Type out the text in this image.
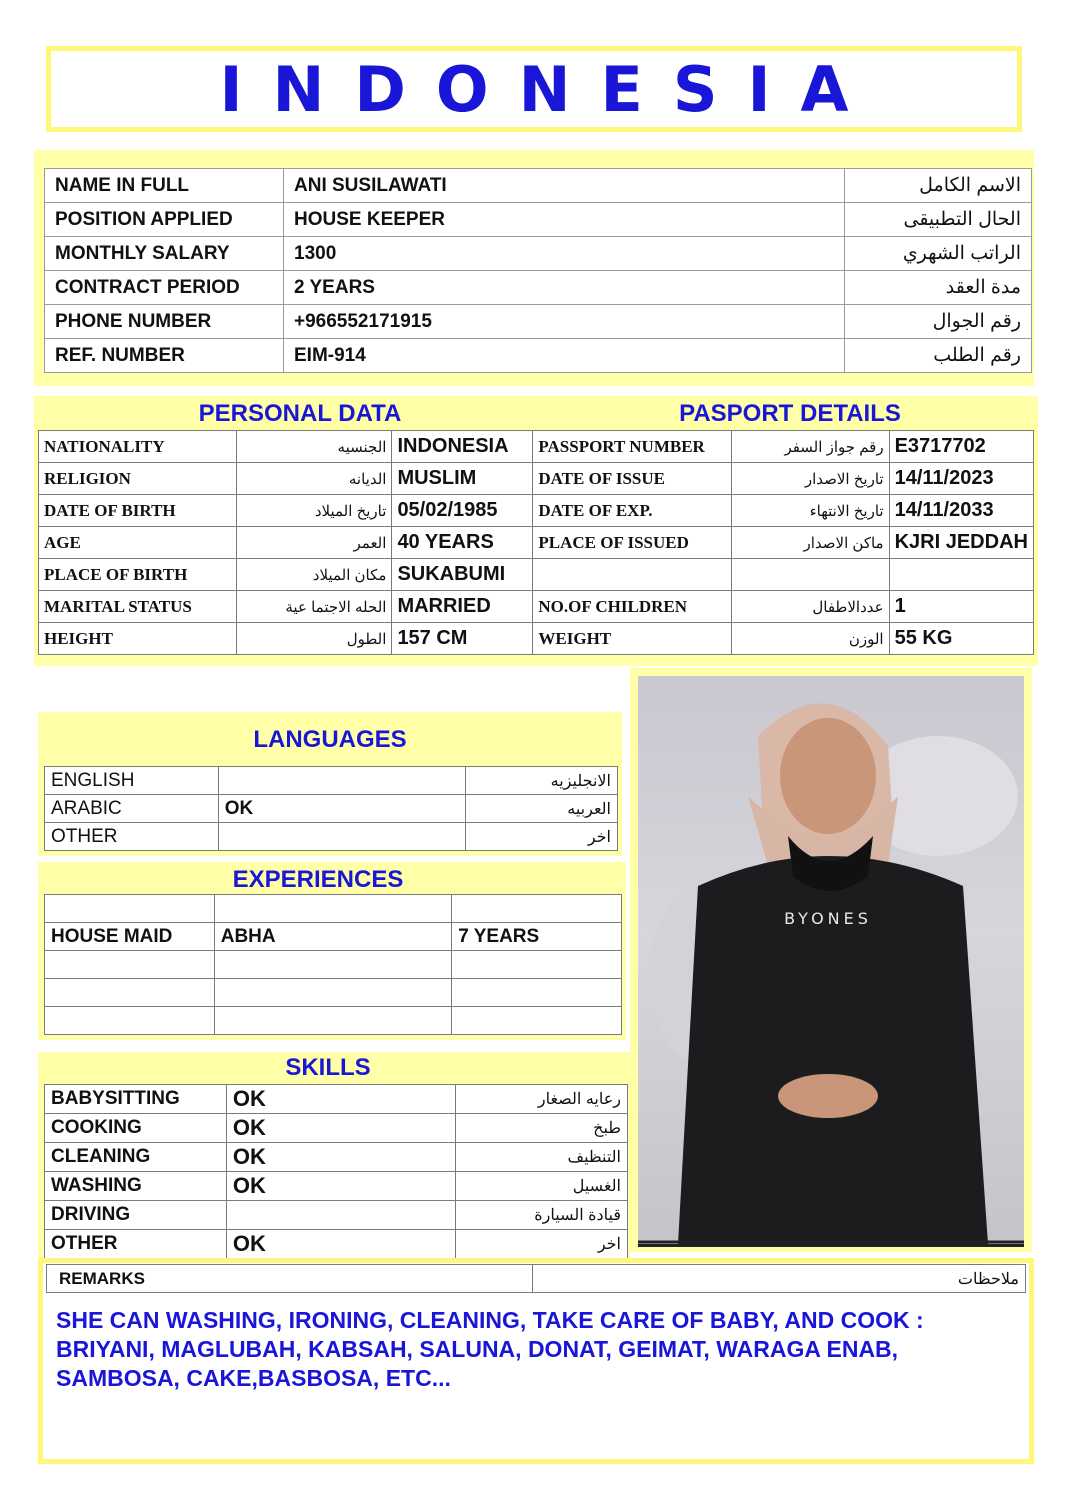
INDONESIA
NAME IN FULL	ANI SUSILAWATI	الاسم الكامل
POSITION APPLIED	HOUSE KEEPER	الحال التطبيقى
MONTHLY SALARY	1300	الراتب الشهري
CONTRACT PERIOD	2 YEARS	مدة العقد
PHONE NUMBER	+966552171915	رقم الجوال
REF. NUMBER	EIM-914	رقم الطلب
PERSONAL DATA	PASPORT DETAILS
NATIONALITY	الجنسيه	INDONESIA	PASSPORT NUMBER	رقم جواز السفر	E3717702
RELIGION	الديانه	MUSLIM	DATE OF ISSUE	تاريخ الاصدار	14/11/2023
DATE OF BIRTH	تاريخ الميلاد	05/02/1985	DATE OF EXP.	تاريخ الانتهاء	14/11/2033
AGE	العمر	40 YEARS	PLACE OF ISSUED	ماكن الاصدار	KJRI JEDDAH
PLACE OF BIRTH	مكان الميلاد	SUKABUMI			
MARITAL STATUS	الحله الاجتما عية	MARRIED	NO.OF CHILDREN	عددالاطفال	1
HEIGHT	الطول	157 CM	WEIGHT	الوزن	55 KG
LANGUAGES
ENGLISH		الانجليزيه
ARABIC	OK	العربيه
OTHER		اخر
EXPERIENCES

HOUSE MAID	ABHA	7 YEARS

SKILLS
BABYSITTING	OK	رعايه الصغار
COOKING	OK	طبخ
CLEANING	OK	التنظيف
WASHING	OK	الغسيل
DRIVING		قيادة السيارة
OTHER	OK	اخر
BYONES
REMARKS	ملاحظات
SHE CAN WASHING, IRONING, CLEANING, TAKE CARE OF BABY, AND COOK : BRIYANI, MAGLUBAH, KABSAH, SALUNA, DONAT, GEIMAT, WARAGA ENAB, SAMBOSA, CAKE,BASBOSA, ETC...
